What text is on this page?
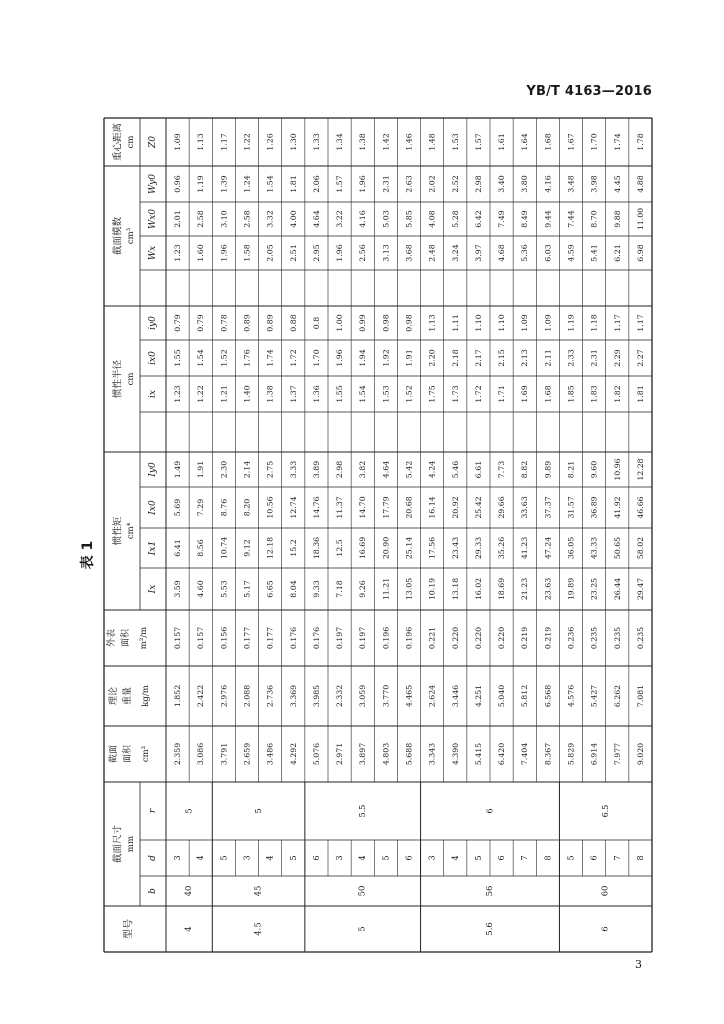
YB/T 4163—2016
表 1
型号
截面尺寸 mm
b
d
r
截面 面积 cm²
理论 重量 kg/m
外表 面积 m²/m
惯性矩 cm⁴
Ix
Ix1
Ix0
Iy0
惯性半径 cm
ix
ix0
iy0
截面模数 cm³
Wx
Wx0
Wy0
重心距离 cm Z0
3
2.359
1.852
0.157
3.59
6.41
5.69
1.49
1.23
1.55
0.79
1.23
2.01
0.96
1.09
4
3.086
2.422
0.157
4.60
8.56
7.29
1.91
1.22
1.54
0.79
1.60
2.58
1.19
1.13
40
4
5
5
3.791
2.976
0.156
5.53
10.74
8.76
2.30
1.21
1.52
0.78
1.96
3.10
1.39
1.17
3
2.659
2.088
0.177
5.17
9.12
8.20
2.14
1.40
1.76
0.89
1.58
2.58
1.24
1.22
4
3.486
2.736
0.177
6.65
12.18
10.56
2.75
1.38
1.74
0.89
2.05
3.32
1.54
1.26
5
4.292
3.369
0.176
8.04
15.2
12.74
3.33
1.37
1.72
0.88
2.51
4.00
1.81
1.30
45
4.5
5
6
5.076
3.985
0.176
9.33
18.36
14.76
3.89
1.36
1.70
0.8
2.95
4.64
2.06
1.33
3
2.971
2.332
0.197
7.18
12.5
11.37
2.98
1.55
1.96
1.00
1.96
3.22
1.57
1.34
4
3.897
3.059
0.197
9.26
16.69
14.70
3.82
1.54
1.94
0.99
2.56
4.16
1.96
1.38
5
4.803
3.770
0.196
11.21
20.90
17.79
4.64
1.53
1.92
0.98
3.13
5.03
2.31
1.42
6
5.688
4.465
0.196
13.05
25.14
20.68
5.42
1.52
1.91
0.98
3.68
5.85
2.63
1.46
50
5
5.5
3
3.343
2.624
0.221
10.19
17.56
16.14
4.24
1.75
2.20
1.13
2.48
4.08
2.02
1.48
4
4.390
3.446
0.220
13.18
23.43
20.92
5.46
1.73
2.18
1.11
3.24
5.28
2.52
1.53
5
5.415
4.251
0.220
16.02
29.33
25.42
6.61
1.72
2.17
1.10
3.97
6.42
2.98
1.57
6
6.420
5.040
0.220
18.69
35.26
29.66
7.73
1.71
2.15
1.10
4.68
7.49
3.40
1.61
7
7.404
5.812
0.219
21.23
41.23
33.63
8.82
1.69
2.13
1.09
5.36
8.49
3.80
1.64
8
8.367
6.568
0.219
23.63
47.24
37.37
9.89
1.68
2.11
1.09
6.03
9.44
4.16
1.68
56
5.6
6
5
5.829
4.576
0.236
19.89
36.05
31.57
8.21
1.85
2.33
1.19
4.59
7.44
3.48
1.67
6
6.914
5.427
0.235
23.25
43.33
36.89
9.60
1.83
2.31
1.18
5.41
8.70
3.98
1.70
7
7.977
6.262
0.235
26.44
50.65
41.92
10.96
1.82
2.29
1.17
6.21
9.88
4.45
1.74
8
9.020
7.081
0.235
29.47
58.02
46.66
12.28
1.81
2.27
1.17
6.98
11.00
4.88
1.78
60
6
6.5
3
